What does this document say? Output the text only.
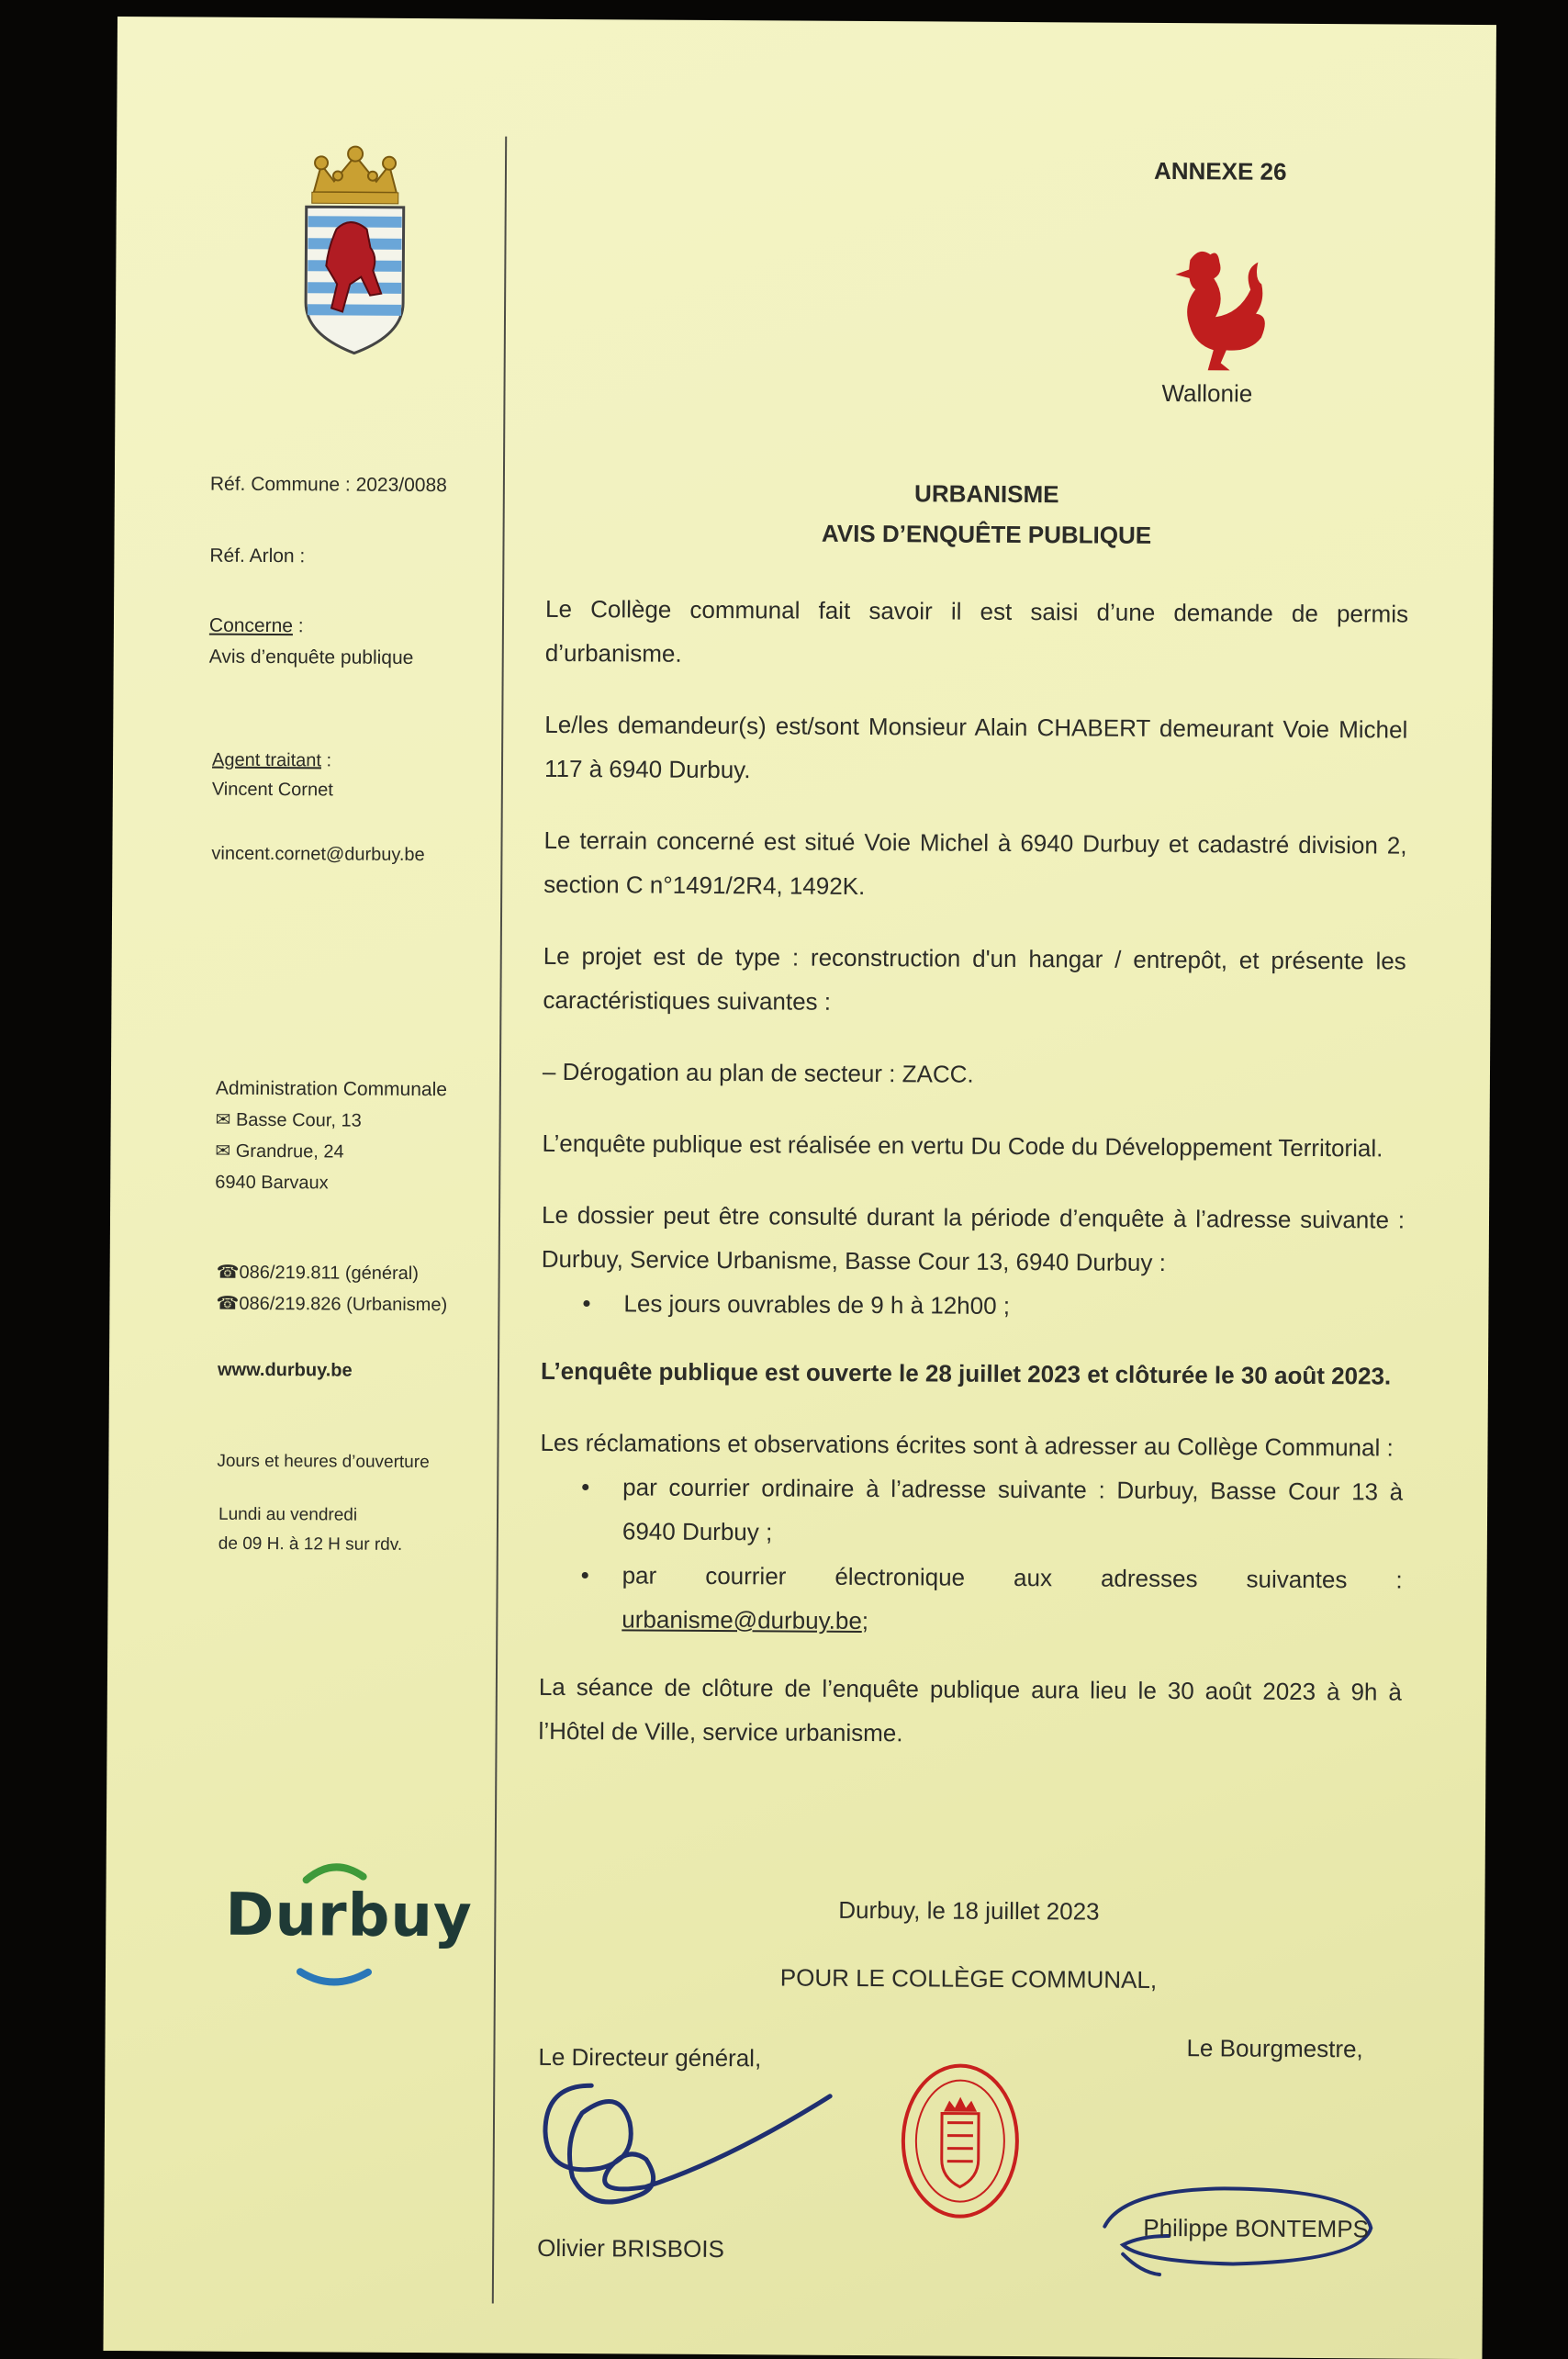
Réf. Commune : 2023/0088
Réf. Arlon :
Concerne :
Avis d’enquête publique
Agent traitant :
Vincent Cornet
vincent.cornet@durbuy.be
Administration Communale
✉ Basse Cour, 13
✉ Grandrue, 24
6940 Barvaux
☎086/219.811 (général)
☎086/219.826 (Urbanisme)
www.durbuy.be
Jours et heures d’ouverture
Lundi au vendredi
de 09 H. à 12 H sur rdv.
Durbuy
ANNEXE 26
Wallonie
URBANISME
AVIS D’ENQUÊTE PUBLIQUE

Le Collège communal fait savoir il est saisi d’une demande de permis d’urbanisme.

Le/les demandeur(s) est/sont Monsieur Alain CHABERT demeurant Voie Michel 117 à 6940 Durbuy.

Le terrain concerné est situé Voie Michel à 6940 Durbuy et cadastré division 2, section C n°1491/2R4, 1492K.

Le projet est de type : reconstruction d'un hangar / entrepôt, et présente les caractéristiques suivantes :

– Dérogation au plan de secteur : ZACC.

L’enquête publique est réalisée en vertu Du Code du Développement Territorial.

Le dossier peut être consulté durant la période d’enquête à l’adresse suivante : Durbuy, Service Urbanisme, Basse Cour 13, 6940 Durbuy :

• Les jours ouvrables de 9 h à 12h00 ;

L’enquête publique est ouverte le 28 juillet 2023 et clôturée le 30 août 2023.

Les réclamations et observations écrites sont à adresser au Collège Communal :

• par courrier ordinaire à l’adresse suivante : Durbuy, Basse Cour 13 à 6940 Durbuy ;
• par courrier électronique aux adresses suivantes : urbanisme@durbuy.be;

La séance de clôture de l’enquête publique aura lieu le 30 août 2023 à 9h à l’Hôtel de Ville, service urbanisme.

Durbuy, le 18 juillet 2023
POUR LE COLLÈGE COMMUNAL,
Le Directeur général,	Le Bourgmestre,
Olivier BRISBOIS
Philippe BONTEMPS
